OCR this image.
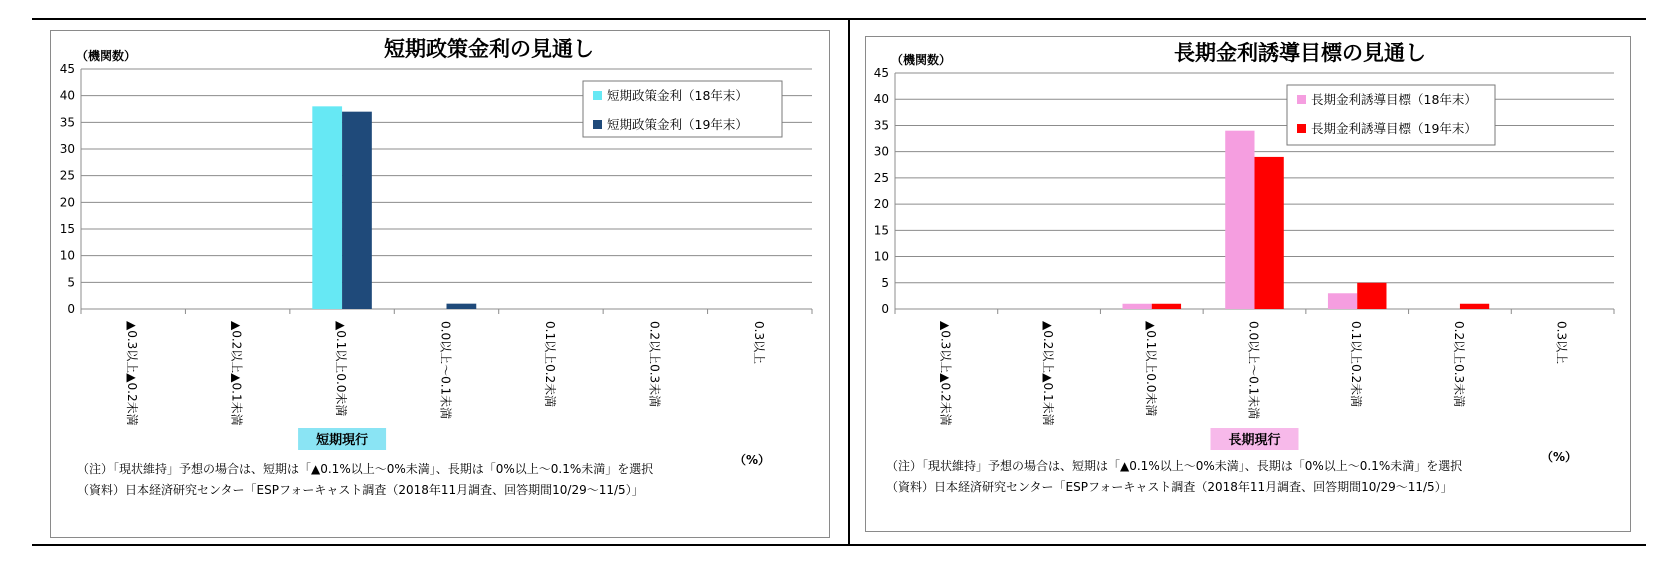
短期政策金利の見通し
（機関数）
0
5
10
15
20
25
30
35
40
45
▲0.3以上▲0.2未満	▲0.2以上▲0.1未満	▲0.1以上0.0未満	0.0以上～0.1未満	0.1以上0.2未満	0.2以上0.3未満	0.3以上
短期現行
短期政策金利（18年末）
短期政策金利（19年末）
（%）
（注）「現状維持」予想の場合は、短期は「▲0.1%以上～0%未満」、長期は「0%以上～0.1%未満」を選択
（資料）日本経済研究センター「ESPフォーキャスト調査（2018年11月調査、回答期間10/29～11/5）」
長期金利誘導目標の見通し
（機関数）
0
5
10
15
20
25
30
35
40
45
▲0.3以上▲0.2未満	▲0.2以上▲0.1未満	▲0.1以上0.0未満	0.0以上～0.1未満	0.1以上0.2未満	0.2以上0.3未満	0.3以上
長期現行
長期金利誘導目標（18年末）
長期金利誘導目標（19年末）
（%）
（注）「現状維持」予想の場合は、短期は「▲0.1%以上～0%未満」、長期は「0%以上～0.1%未満」を選択
（資料）日本経済研究センター「ESPフォーキャスト調査（2018年11月調査、回答期間10/29～11/5）」
